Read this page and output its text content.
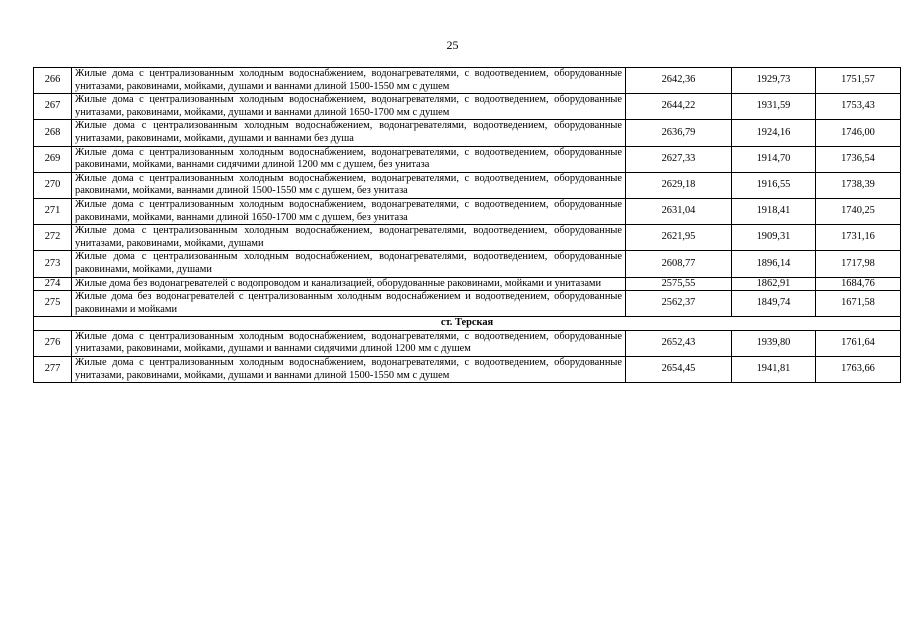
25
266	Жилые дома с централизованным холодным водоснабжением, водонагревателями, с водоотведением, оборудованные унитазами, раковинами, мойками, душами и ваннами длиной 1500-1550 мм с душем	2642,36	1929,73	1751,57
267	Жилые дома с централизованным холодным водоснабжением, водонагревателями, с водоотведением, оборудованные унитазами, раковинами, мойками, душами и ваннами длиной 1650-1700 мм с душем	2644,22	1931,59	1753,43
268	Жилые дома с централизованным холодным водоснабжением, водонагревателями, водоотведением, оборудованные унитазами, раковинами, мойками, душами и ваннами без душа	2636,79	1924,16	1746,00
269	Жилые дома с централизованным холодным водоснабжением, водонагревателями, с водоотведением, оборудованные раковинами, мойками, ваннами сидячими длиной 1200 мм с душем, без унитаза	2627,33	1914,70	1736,54
270	Жилые дома с централизованным холодным водоснабжением, водонагревателями, с водоотведением, оборудованные раковинами, мойками, ваннами длиной 1500-1550 мм с душем, без унитаза	2629,18	1916,55	1738,39
271	Жилые дома с централизованным холодным водоснабжением, водонагревателями, с водоотведением, оборудованные раковинами, мойками, ваннами длиной 1650-1700 мм с душем, без унитаза	2631,04	1918,41	1740,25
272	Жилые дома с централизованным холодным водоснабжением, водонагревателями, водоотведением, оборудованные унитазами, раковинами, мойками, душами	2621,95	1909,31	1731,16
273	Жилые дома с централизованным холодным водоснабжением, водонагревателями, водоотведением, оборудованные раковинами, мойками, душами	2608,77	1896,14	1717,98
274	Жилые дома без водонагревателей с водопроводом и канализацией, оборудованные раковинами, мойками и унитазами	2575,55	1862,91	1684,76
275	Жилые дома без водонагревателей с централизованным холодным водоснабжением и водоотведением, оборудованные раковинами и мойками	2562,37	1849,74	1671,58
ст. Терская				
276	Жилые дома с централизованным холодным водоснабжением, водонагревателями, с водоотведением, оборудованные унитазами, раковинами, мойками, душами и ваннами сидячими длиной 1200 мм с душем	2652,43	1939,80	1761,64
277	Жилые дома с централизованным холодным водоснабжением, водонагревателями, с водоотведением, оборудованные унитазами, раковинами, мойками, душами и ваннами длиной 1500-1550 мм с душем	2654,45	1941,81	1763,66
